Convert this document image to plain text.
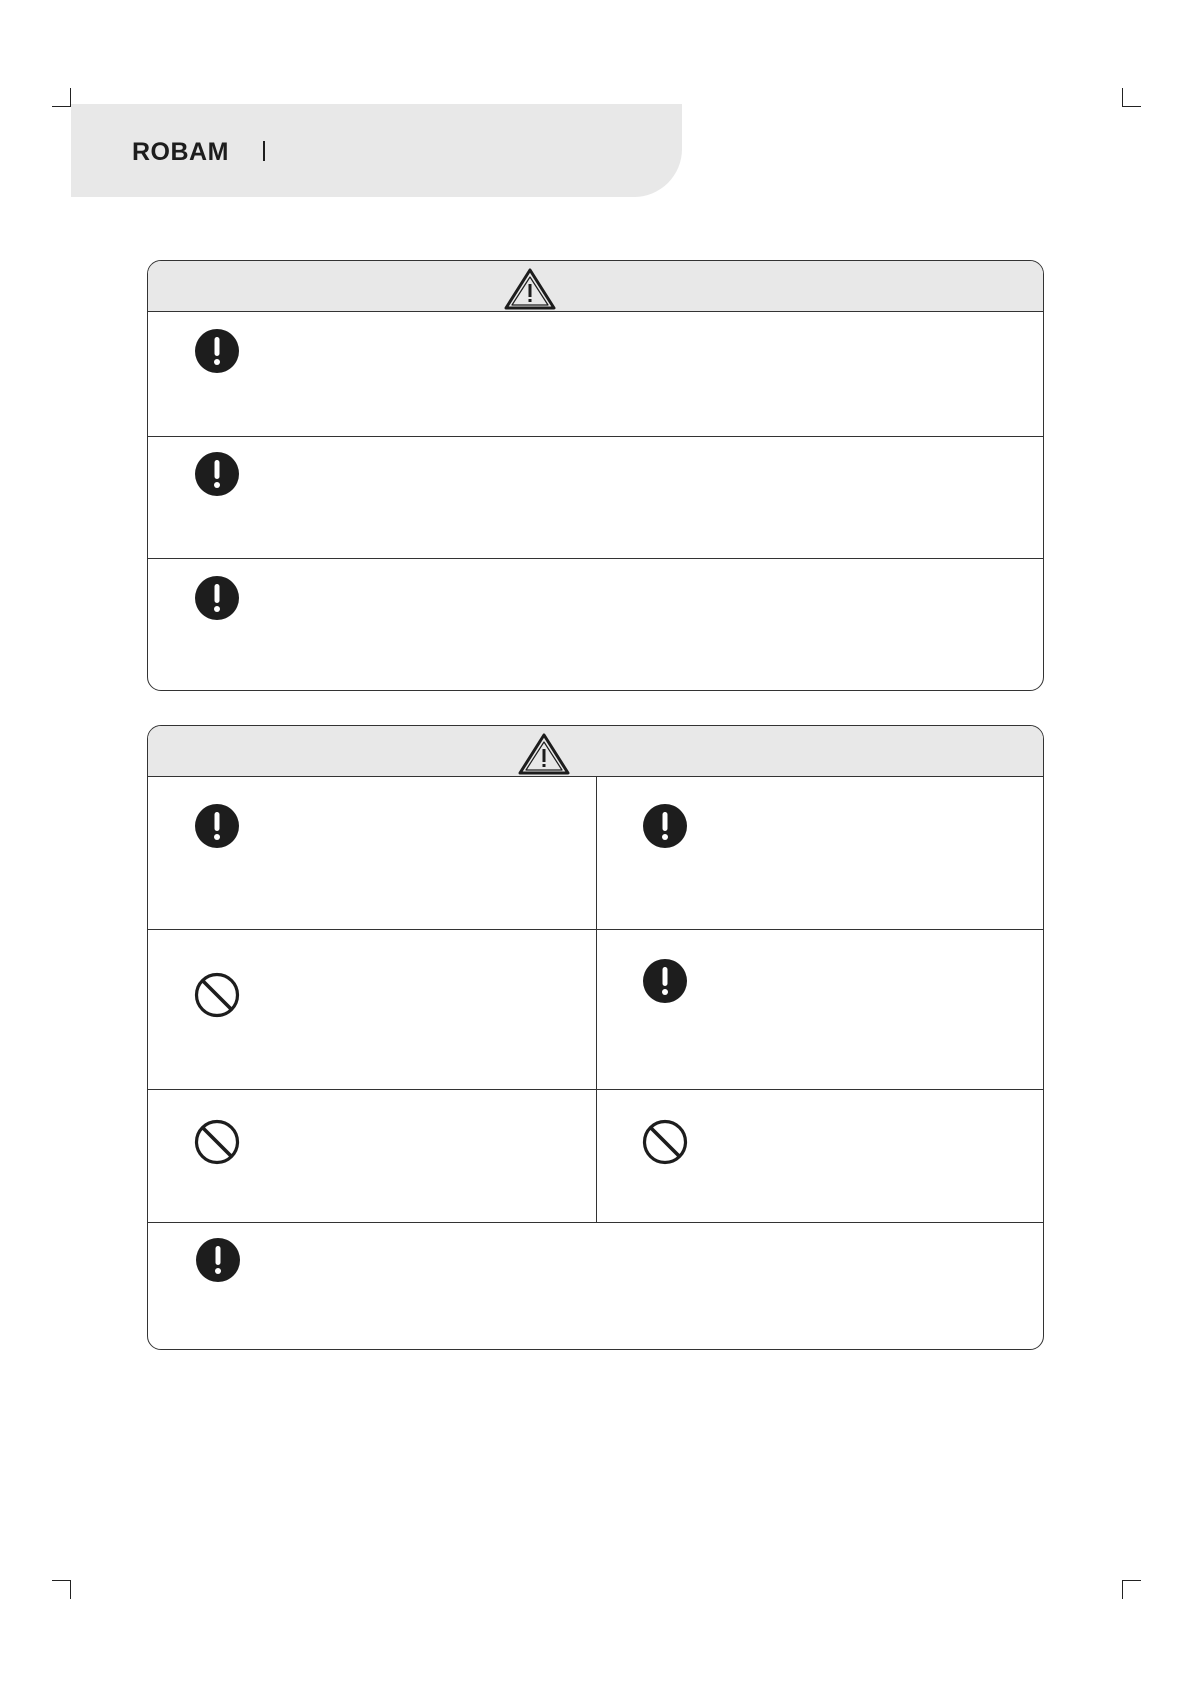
ROBAM
